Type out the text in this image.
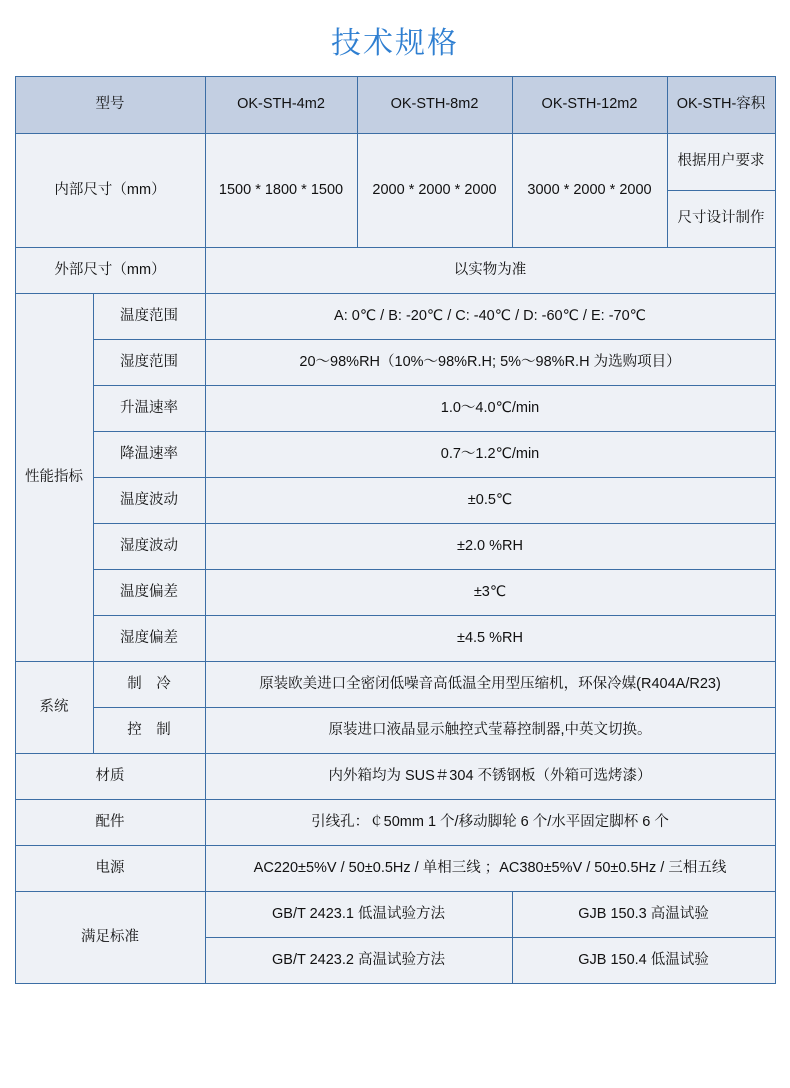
技术规格
型号		OK-STH-4m2	OK-STH-8m2	OK-STH-12m2	OK-STH-容积
内部尺寸（mm）		1500 * 1800 * 1500	2000 * 2000 * 2000	3000 * 2000 * 2000	根据用户要求
					尺寸设计制作
外部尺寸（mm）		以实物为准			
性能指标	温度范围	A: 0℃ / B: -20℃ / C: -40℃ / D: -60℃ / E: -70℃			
	湿度范围	20～98%RH（10%～98%R.H; 5%～98%R.H 为选购项目）			
	升温速率	1.0～4.0℃/min			
	降温速率	0.7～1.2℃/min			
	温度波动	±0.5℃			
	湿度波动	±2.0 %RH			
	温度偏差	±3℃			
	湿度偏差	±4.5 %RH			
系统	制　冷	原装欧美进口全密闭低噪音高低温全用型压缩机，环保冷媒(R404A/R23)			
	控　制	原装进口液晶显示触控式莹幕控制器,中英文切换。			
材质		内外箱均为 SUS＃304 不锈钢板（外箱可选烤漆）			
配件		引线孔：￠50mm 1 个/移动脚轮 6 个/水平固定脚杯 6 个			
电源		AC220±5%V / 50±0.5Hz / 单相三线 ；AC380±5%V / 50±0.5Hz / 三相五线			
满足标准		GB/T 2423.1 低温试验方法		GJB 150.3 高温试验	
		GB/T 2423.2 高温试验方法		GJB 150.4 低温试验	
